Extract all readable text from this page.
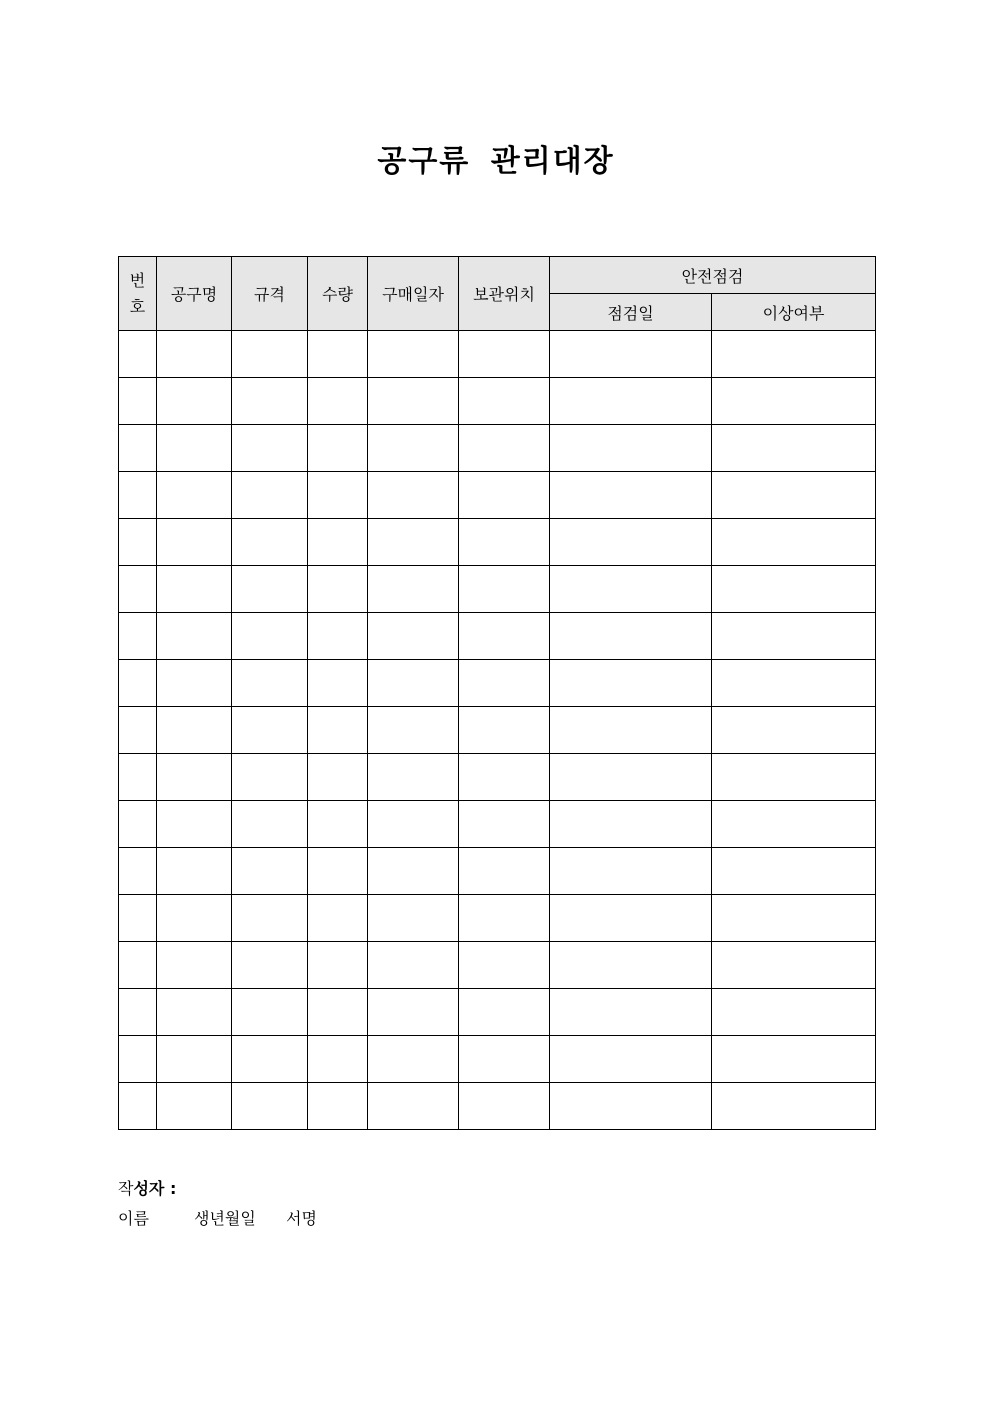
공구류 관리대장
번
호	공구명	규격	수량	구매일자	보관위치	안전점검	
						점검일	이상여부

작성자 :
이름	생년월일 서명
